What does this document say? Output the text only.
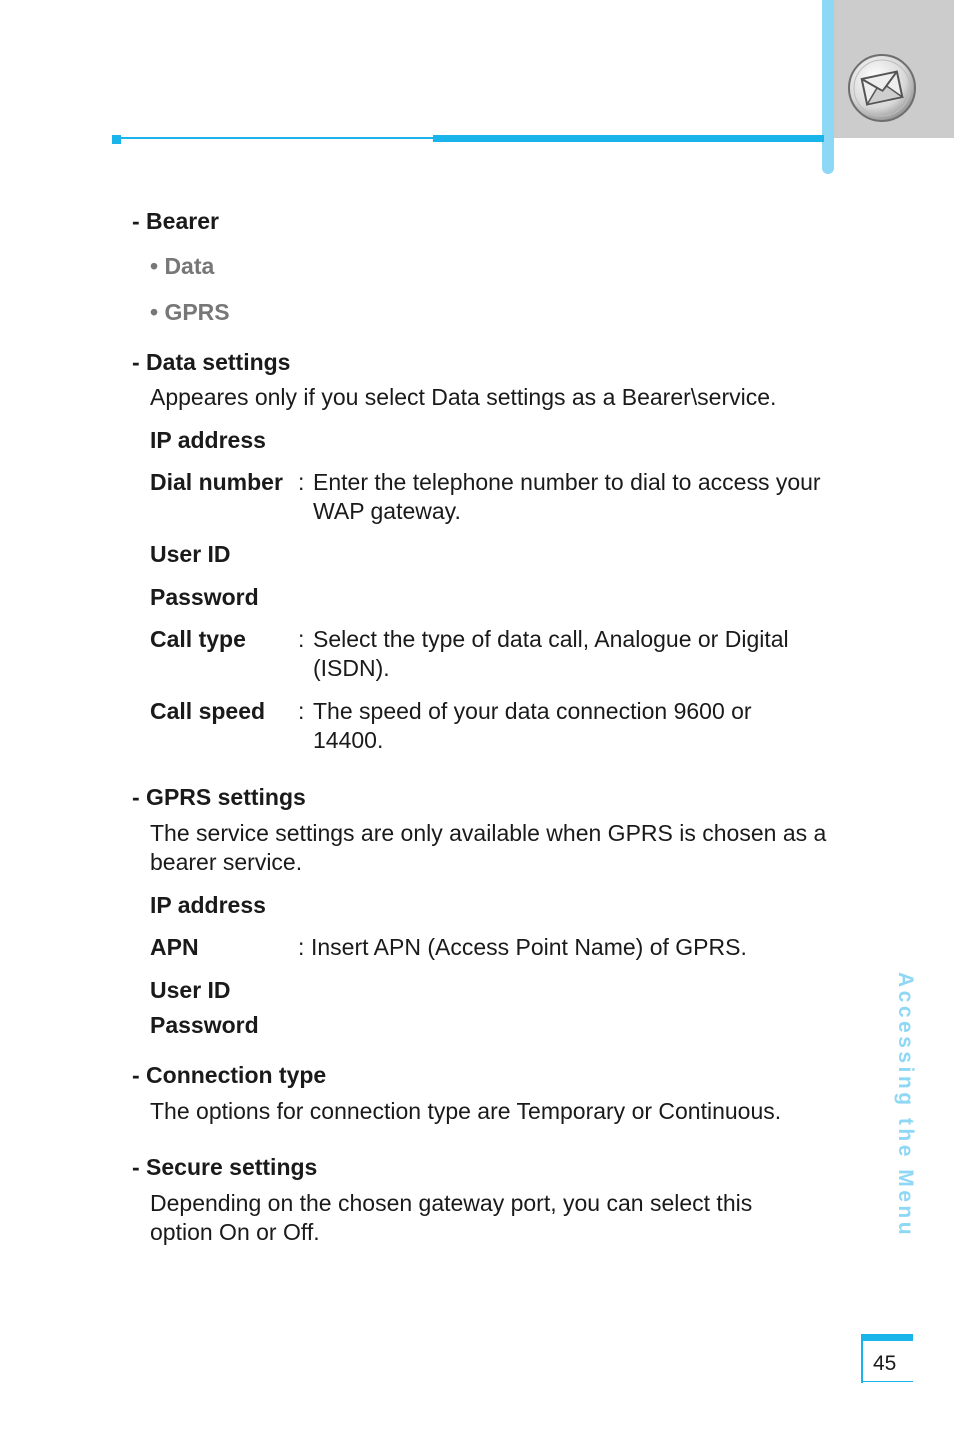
- Bearer
• Data
• GPRS
- Data settings
Appeares only if you select Data settings as a Bearer\service.
IP address
Dial number : Enter the telephone number to dial to access your WAP gateway.
User ID
Password
Call type : Select the type of data call, Analogue or Digital (ISDN).
Call speed : The speed of your data connection 9600 or 14400.
- GPRS settings
The service settings are only available when GPRS is chosen as a bearer service.
IP address
APN	: Insert APN (Access Point Name) of GPRS.
User ID
Password
- Connection type
The options for connection type are Temporary or Continuous.
- Secure settings
Depending on the chosen gateway port, you can select this option On or Off.	Accessing the Menu
45
